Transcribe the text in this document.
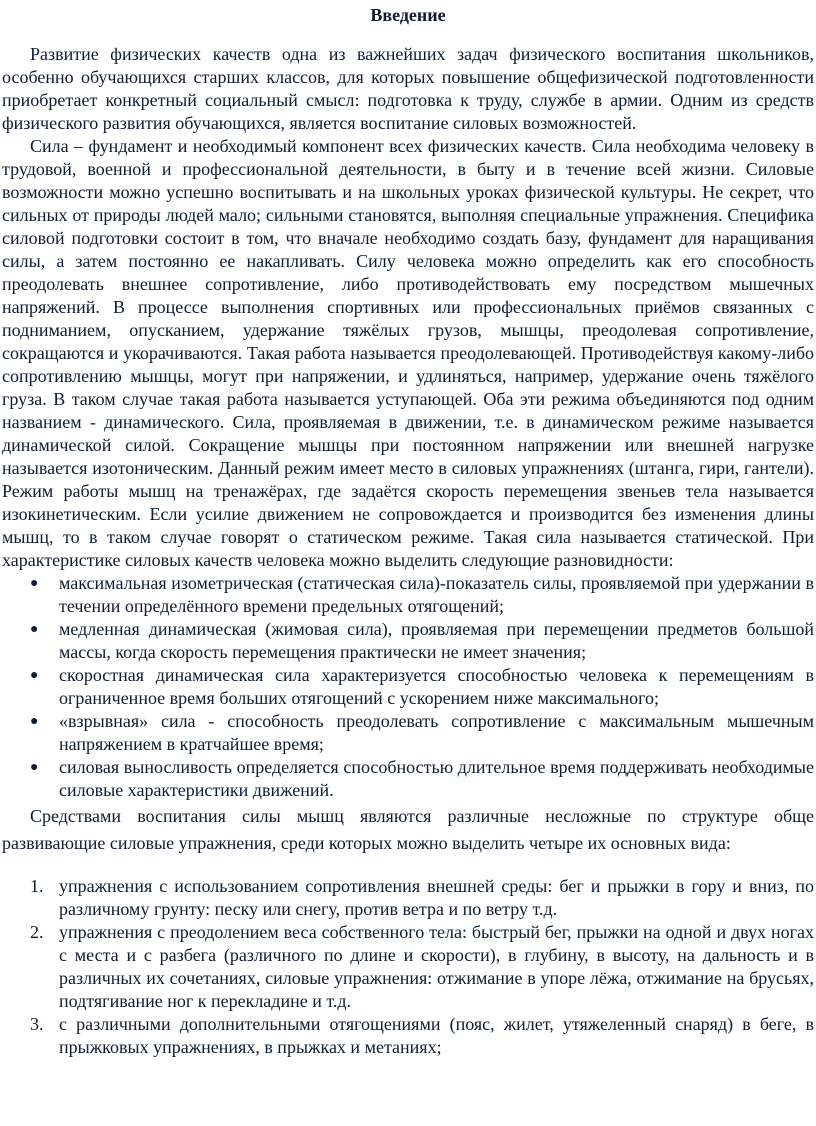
Введение

Развитие физических качеств одна из важнейших задач физического воспитания школьников, особенно обучающихся старших классов, для которых повышение общефизической подготовленности приобретает конкретный социальный смысл: подготовка к труду, службе в армии. Одним из средств физического развития обучающихся, является воспитание силовых возможностей.

Сила – фундамент и необходимый компонент всех физических качеств. Сила необходима человеку в трудовой, военной и профессиональной деятельности, в быту и в течение всей жизни. Силовые возможности можно успешно воспитывать и на школьных уроках физической культуры. Не секрет, что сильных от природы людей мало; сильными становятся, выполняя специальные упражнения. Специфика силовой подготовки состоит в том, что вначале необходимо создать базу, фундамент для наращивания силы, а затем постоянно ее накапливать. Силу человека можно определить как его способность преодолевать внешнее сопротивление, либо противодействовать ему посредством мышечных напряжений. В процессе выполнения спортивных или профессиональных приёмов связанных с подниманием, опусканием, удержание тяжёлых грузов, мышцы, преодолевая сопротивление, сокращаются и укорачиваются. Такая работа называется преодолевающей. Противодействуя какому-либо сопротивлению мышцы, могут при напряжении, и удлиняться, например, удержание очень тяжёлого груза. В таком случае такая работа называется уступающей. Оба эти режима объединяются под одним названием - динамического. Сила, проявляемая в движении, т.е. в динамическом режиме называется динамической силой. Сокращение мышцы при постоянном напряжении или внешней нагрузке называется изотоническим. Данный режим имеет место в силовых упражнениях (штанга, гири, гантели). Режим работы мышц на тренажёрах, где задаётся скорость перемещения звеньев тела называется изокинетическим. Если усилие движением не сопровождается и производится без изменения длины мышц, то в таком случае говорят о статическом режиме. Такая сила называется статической. При характеристике силовых качеств человека можно выделить следующие разновидности:

● максимальная изометрическая (статическая сила)-показатель силы, проявляемой при удержании в течении определённого времени предельных отягощений;
● медленная динамическая (жимовая сила), проявляемая при перемещении предметов большой массы, когда скорость перемещения практически не имеет значения;
● скоростная динамическая сила характеризуется способностью человека к перемещениям в ограниченное время больших отягощений с ускорением ниже максимального;
● «взрывная» сила - способность преодолевать сопротивление с максимальным мышечным напряжением в кратчайшее время;
● силовая выносливость определяется способностью длительное время поддерживать необходимые силовые характеристики движений.

Средствами воспитания силы мышц являются различные несложные по структуре обще развивающие силовые упражнения, среди которых можно выделить четыре их основных вида:

1. упражнения с использованием сопротивления внешней среды: бег и прыжки в гору и вниз, по различному грунту: песку или снегу, против ветра и по ветру т.д.
2. упражнения с преодолением веса собственного тела: быстрый бег, прыжки на одной и двух ногах с места и с разбега (различного по длине и скорости), в глубину, в высоту, на дальность и в различных их сочетаниях, силовые упражнения: отжимание в упоре лёжа, отжимание на брусьях, подтягивание ног к перекладине и т.д.
3. с различными дополнительными отягощениями (пояс, жилет, утяжеленный снаряд) в беге, в прыжковых упражнениях, в прыжках и метаниях;
